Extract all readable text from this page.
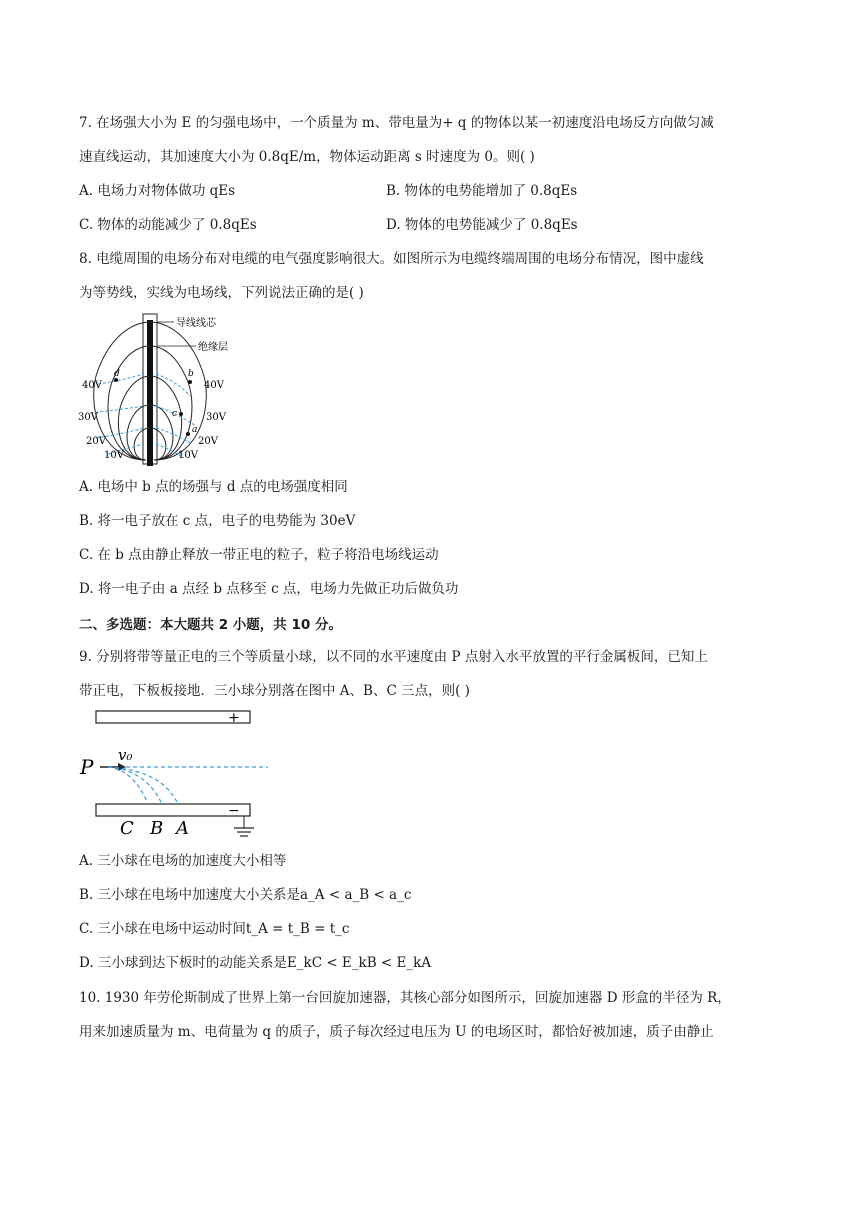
7. 在场强大小为 E 的匀强电场中，一个质量为 m、带电量为+ q 的物体以某一初速度沿电场反方向做匀减
速直线运动，其加速度大小为 0.8qE/m，物体运动距离 s 时速度为 0。则( )
A. 电场力对物体做功 qEs	B. 物体的电势能增加了 0.8qEs
C. 物体的动能减少了 0.8qEs	D. 物体的电势能减少了 0.8qEs
8. 电缆周围的电场分布对电缆的电气强度影响很大。如图所示为电缆终端周围的电场分布情况，图中虚线
为等势线，实线为电场线，下列说法正确的是( )
导线线芯
绝缘层
40V
30V
20V
10V
40V
30V
20V
10V
d	b
c
a
A. 电场中 b 点的场强与 d 点的电场强度相同
B. 将一电子放在 c 点，电子的电势能为 30eV
C. 在 b 点由静止释放一带正电的粒子，粒子将沿电场线运动
D. 将一电子由 a 点经 b 点移至 c 点，电场力先做正功后做负功
二、多选题：本大题共 2 小题，共 10 分。
9. 分别将带等量正电的三个等质量小球，以不同的水平速度由 P 点射入水平放置的平行金属板间，已知上
带正电，下板板接地．三小球分别落在图中 A、B、C 三点，则( )
+
−
P v₀
C B A
A. 三小球在电场的加速度大小相等
B. 三小球在电场中加速度大小关系是a_A < a_B < a_c
C. 三小球在电场中运动时间t_A = t_B = t_c
D. 三小球到达下板时的动能关系是E_kC < E_kB < E_kA
10. 1930 年劳伦斯制成了世界上第一台回旋加速器，其核心部分如图所示，回旋加速器 D 形盒的半径为 R，
用来加速质量为 m、电荷量为 q 的质子，质子每次经过电压为 U 的电场区时，都恰好被加速，质子由静止
